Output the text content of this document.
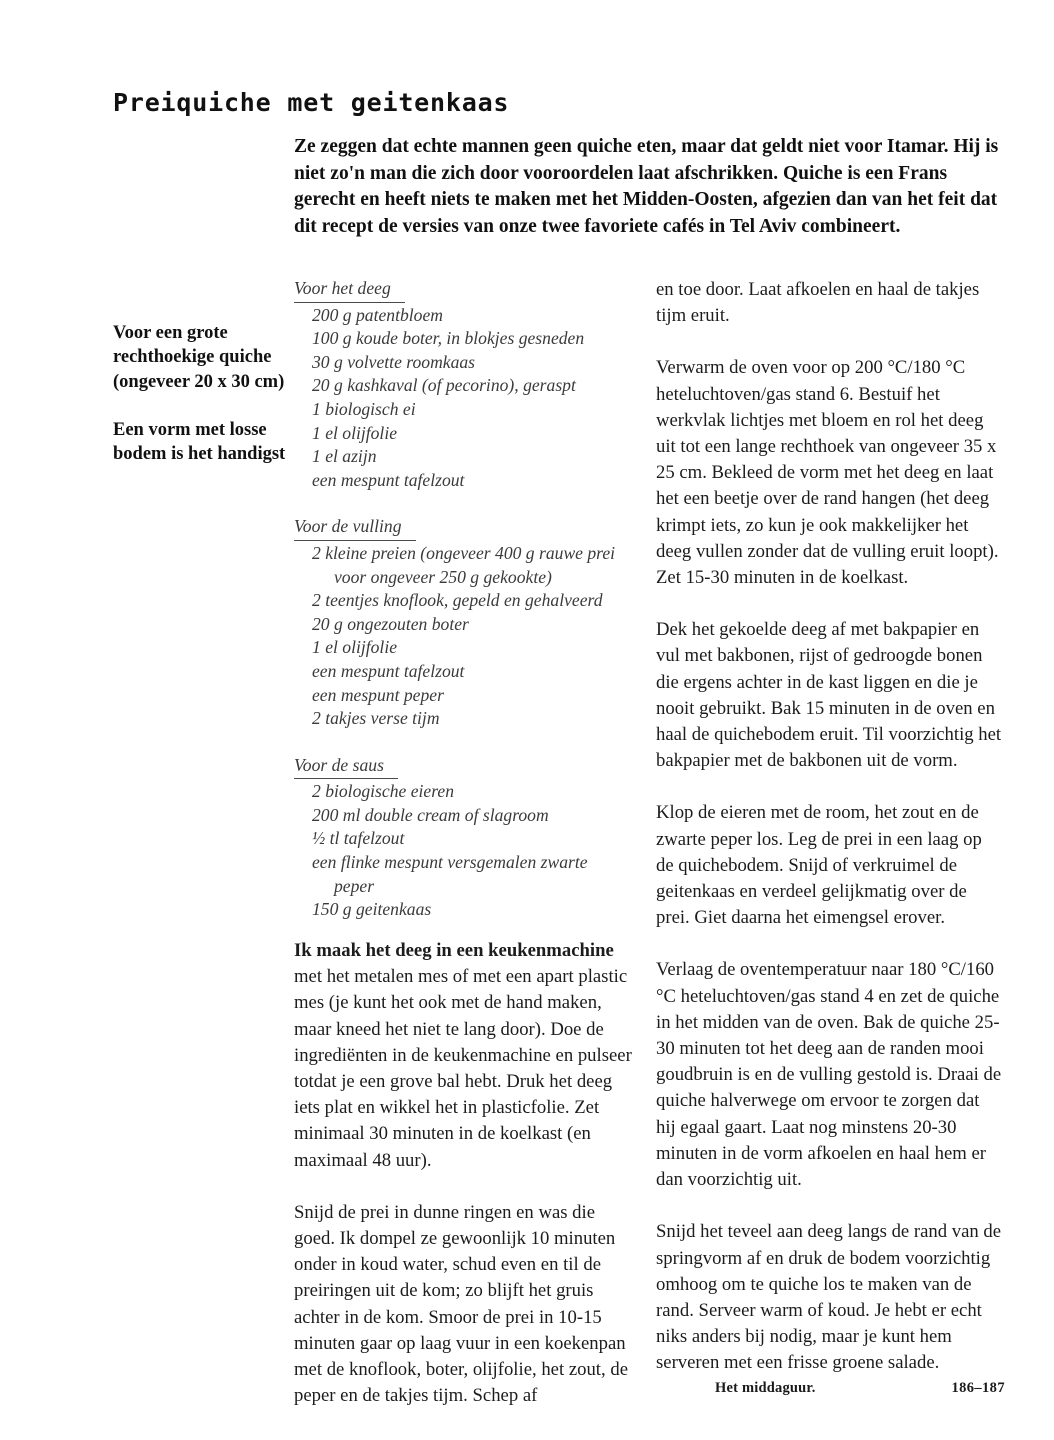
Preiquiche met geitenkaas
Ze zeggen dat echte mannen geen quiche eten, maar dat geldt niet voor Itamar. Hij is niet zo'n man die zich door vooroordelen laat afschrikken. Quiche is een Frans gerecht en heeft niets te maken met het Midden-Oosten, afgezien dan van het feit dat dit recept de versies van onze twee favoriete cafés in Tel Aviv combineert.
Voor een grote rechthoekige quiche (ongeveer 20 x 30 cm)
Een vorm met losse bodem is het handigst
Voor het deeg
200 g patentbloem
100 g koude boter, in blokjes gesneden
30 g volvette roomkaas
20 g kashkaval (of pecorino), geraspt
1 biologisch ei
1 el olijfolie
1 el azijn
een mespunt tafelzout
Voor de vulling
2 kleine preien (ongeveer 400 g rauwe prei
voor ongeveer 250 g gekookte)
2 teentjes knoflook, gepeld en gehalveerd
20 g ongezouten boter
1 el olijfolie
een mespunt tafelzout
een mespunt peper
2 takjes verse tijm
Voor de saus
2 biologische eieren
200 ml double cream of slagroom
½ tl tafelzout
een flinke mespunt versgemalen zwarte
peper
150 g geitenkaas

Ik maak het deeg in een keukenmachine met het metalen mes of met een apart plastic mes (je kunt het ook met de hand maken, maar kneed het niet te lang door). Doe de ingrediënten in de keukenmachine en pulseer totdat je een grove bal hebt. Druk het deeg iets plat en wikkel het in plasticfolie. Zet minimaal 30 minuten in de koelkast (en maximaal 48 uur).

Snijd de prei in dunne ringen en was die goed. Ik dompel ze gewoonlijk 10 minuten onder in koud water, schud even en til de preiringen uit de kom; zo blijft het gruis achter in de kom. Smoor de prei in 10-15 minuten gaar op laag vuur in een koekenpan met de knoflook, boter, olijfolie, het zout, de peper en de takjes tijm. Schep af

en toe door. Laat afkoelen en haal de takjes tijm eruit.

Verwarm de oven voor op 200 °C/180 °C heteluchtoven/gas stand 6. Bestuif het werkvlak lichtjes met bloem en rol het deeg uit tot een lange rechthoek van ongeveer 35 x 25 cm. Bekleed de vorm met het deeg en laat het een beetje over de rand hangen (het deeg krimpt iets, zo kun je ook makkelijker het deeg vullen zonder dat de vulling eruit loopt). Zet 15-30 minuten in de koelkast.

Dek het gekoelde deeg af met bakpapier en vul met bakbonen, rijst of gedroogde bonen die ergens achter in de kast liggen en die je nooit gebruikt. Bak 15 minuten in de oven en haal de quichebodem eruit. Til voorzichtig het bakpapier met de bakbonen uit de vorm.

Klop de eieren met de room, het zout en de zwarte peper los. Leg de prei in een laag op de quichebodem. Snijd of verkruimel de geitenkaas en verdeel gelijkmatig over de prei. Giet daarna het eimengsel erover.

Verlaag de oventemperatuur naar 180 °C/160 °C heteluchtoven/gas stand 4 en zet de quiche in het midden van de oven. Bak de quiche 25-30 minuten tot het deeg aan de randen mooi goudbruin is en de vulling gestold is. Draai de quiche halverwege om ervoor te zorgen dat hij egaal gaart. Laat nog minstens 20-30 minuten in de vorm afkoelen en haal hem er dan voorzichtig uit.

Snijd het teveel aan deeg langs de rand van de springvorm af en druk de bodem voorzichtig omhoog om te quiche los te maken van de rand. Serveer warm of koud. Je hebt er echt niks anders bij nodig, maar je kunt hem serveren met een frisse groene salade.

Het middaguur.	186–187
